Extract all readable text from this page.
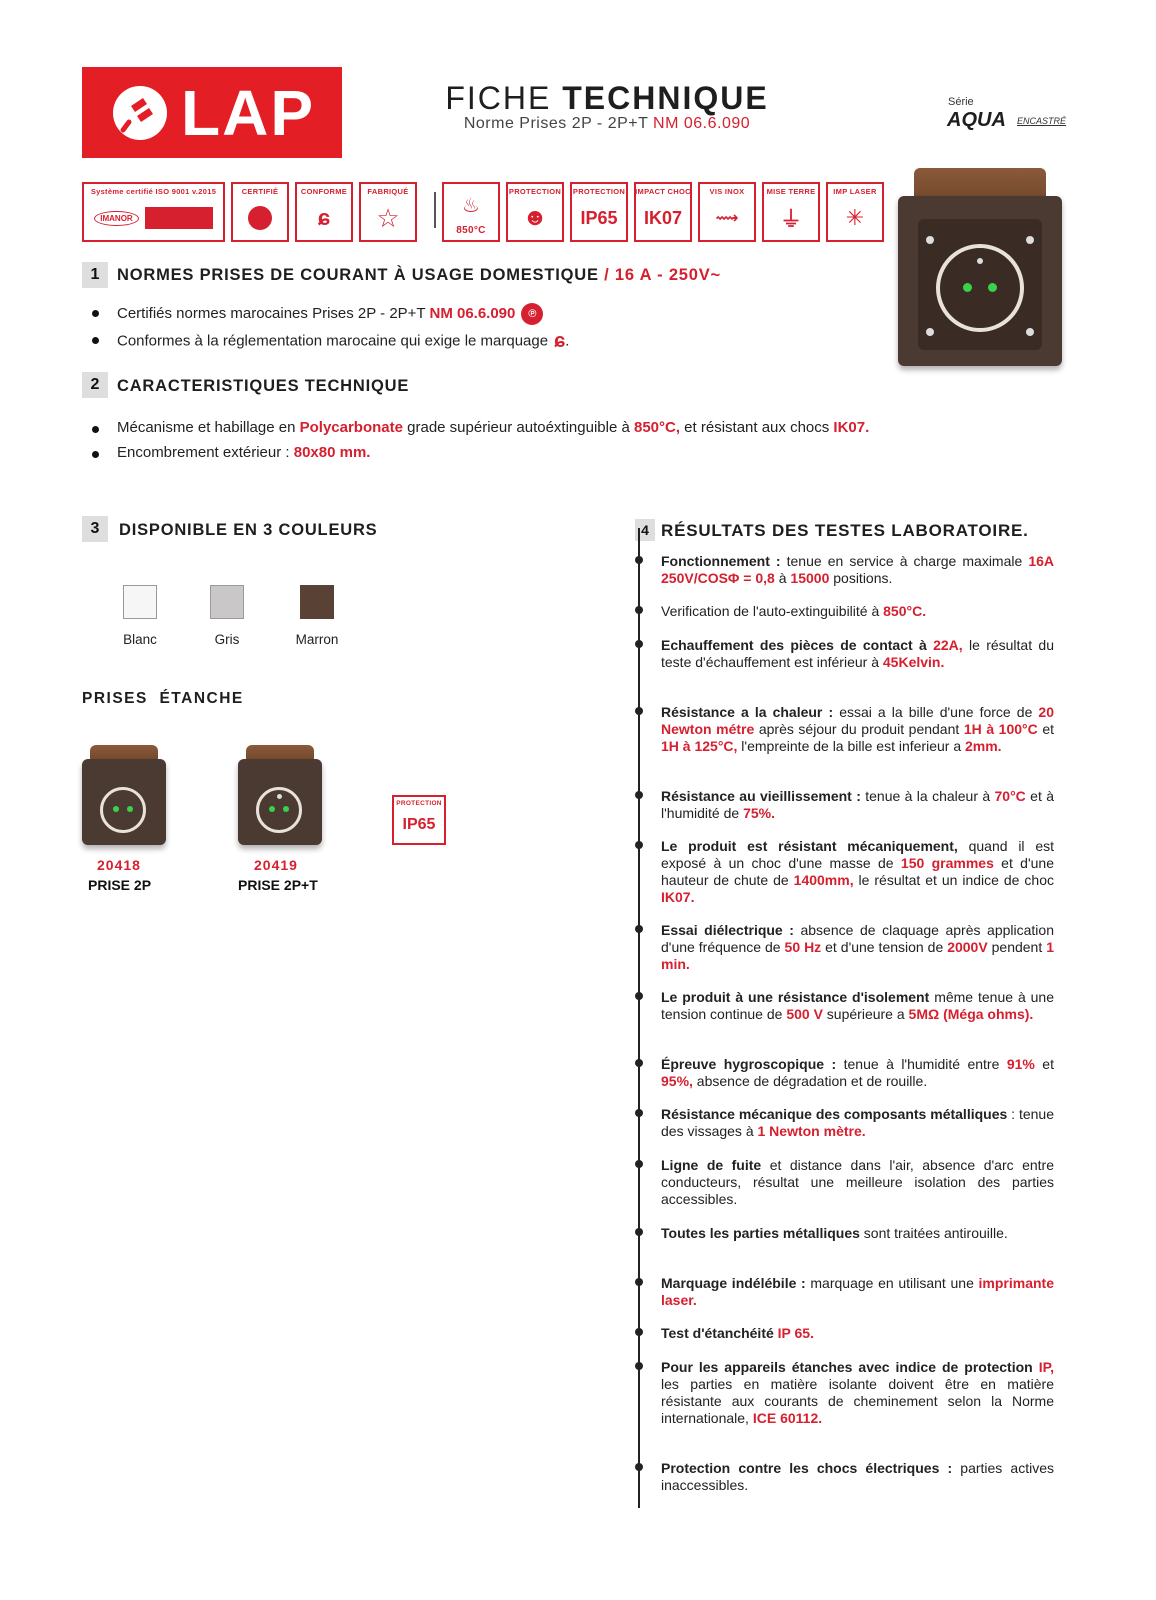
LAP	FICHE TECHNIQUE
Norme Prises 2P - 2P+T NM 06.6.090
Série
AQUA ENCASTRÉ
Système certifié ISO 9001 v.2015
IMANOR
CERTIFIÉ	CONFORME
ɕ
FABRIQUÉ
☆	♨
850°C
PROTECTION
☻
PROTECTION
IP65
IMPACT CHOC
IK07
VIS INOX
⟿
MISE TERRE
⏚
IMP LASER
✳
1	NORMES PRISES DE COURANT À USAGE DOMESTIQUE / 16 A - 250V~
Certifiés normes marocaines Prises 2P - 2P+T NM 06.6.090 ℗
Conformes à la réglementation marocaine qui exige le marquage ɕ.
2	CARACTERISTIQUES TECHNIQUE
Mécanisme et habillage en Polycarbonate grade supérieur autoéxtinguible à 850°C, et résistant aux chocs IK07.
Encombrement extérieur : 80x80 mm.
3	DISPONIBLE EN 3 COULEURS
Blanc	Gris	Marron
PRISES  ÉTANCHE
20418
PRISE 2P
20419
PRISE 2P+T
PROTECTION
IP65
4 RÉSULTATS DES TESTES LABORATOIRE.
Fonctionnement : tenue en service à charge maximale 16A 250V/COSΦ = 0,8 à 15000 positions.
Verification de l'auto-extinguibilité à 850°C.
Echauffement des pièces de contact à 22A, le résultat du teste d'échauffement est inférieur à 45Kelvin.
Résistance a la chaleur : essai a la bille d'une force de 20 Newton métre après séjour du produit pendant 1H à 100°C et 1H à 125°C, l'empreinte de la bille est inferieur a 2mm.
Résistance au vieillissement : tenue à la chaleur à 70°C et à l'humidité de 75%.
Le produit est résistant mécaniquement, quand il est exposé à un choc d'une masse de 150 grammes et d'une hauteur de chute de 1400mm, le résultat et un indice de choc IK07.
Essai diélectrique : absence de claquage après application d'une fréquence de 50 Hz et d'une tension de 2000V pendent 1 min.
Le produit à une résistance d'isolement même tenue à une tension continue de 500 V supérieure a 5MΩ (Méga ohms).
Épreuve hygroscopique : tenue à l'humidité entre 91% et 95%, absence de dégradation et de rouille.
Résistance mécanique des composants métalliques : tenue des vissages à 1 Newton mètre.
Ligne de fuite et distance dans l'air, absence d'arc entre conducteurs, résultat une meilleure isolation des parties accessibles.
Toutes les parties métalliques sont traitées antirouille.
Marquage indélébile : marquage en utilisant une imprimante laser.
Test d'étanchéité IP 65.
Pour les appareils étanches avec indice de protection IP, les parties en matière isolante doivent être en matière résistante aux courants de cheminement selon la Norme internationale, ICE 60112.
Protection contre les chocs électriques : parties actives inaccessibles.
